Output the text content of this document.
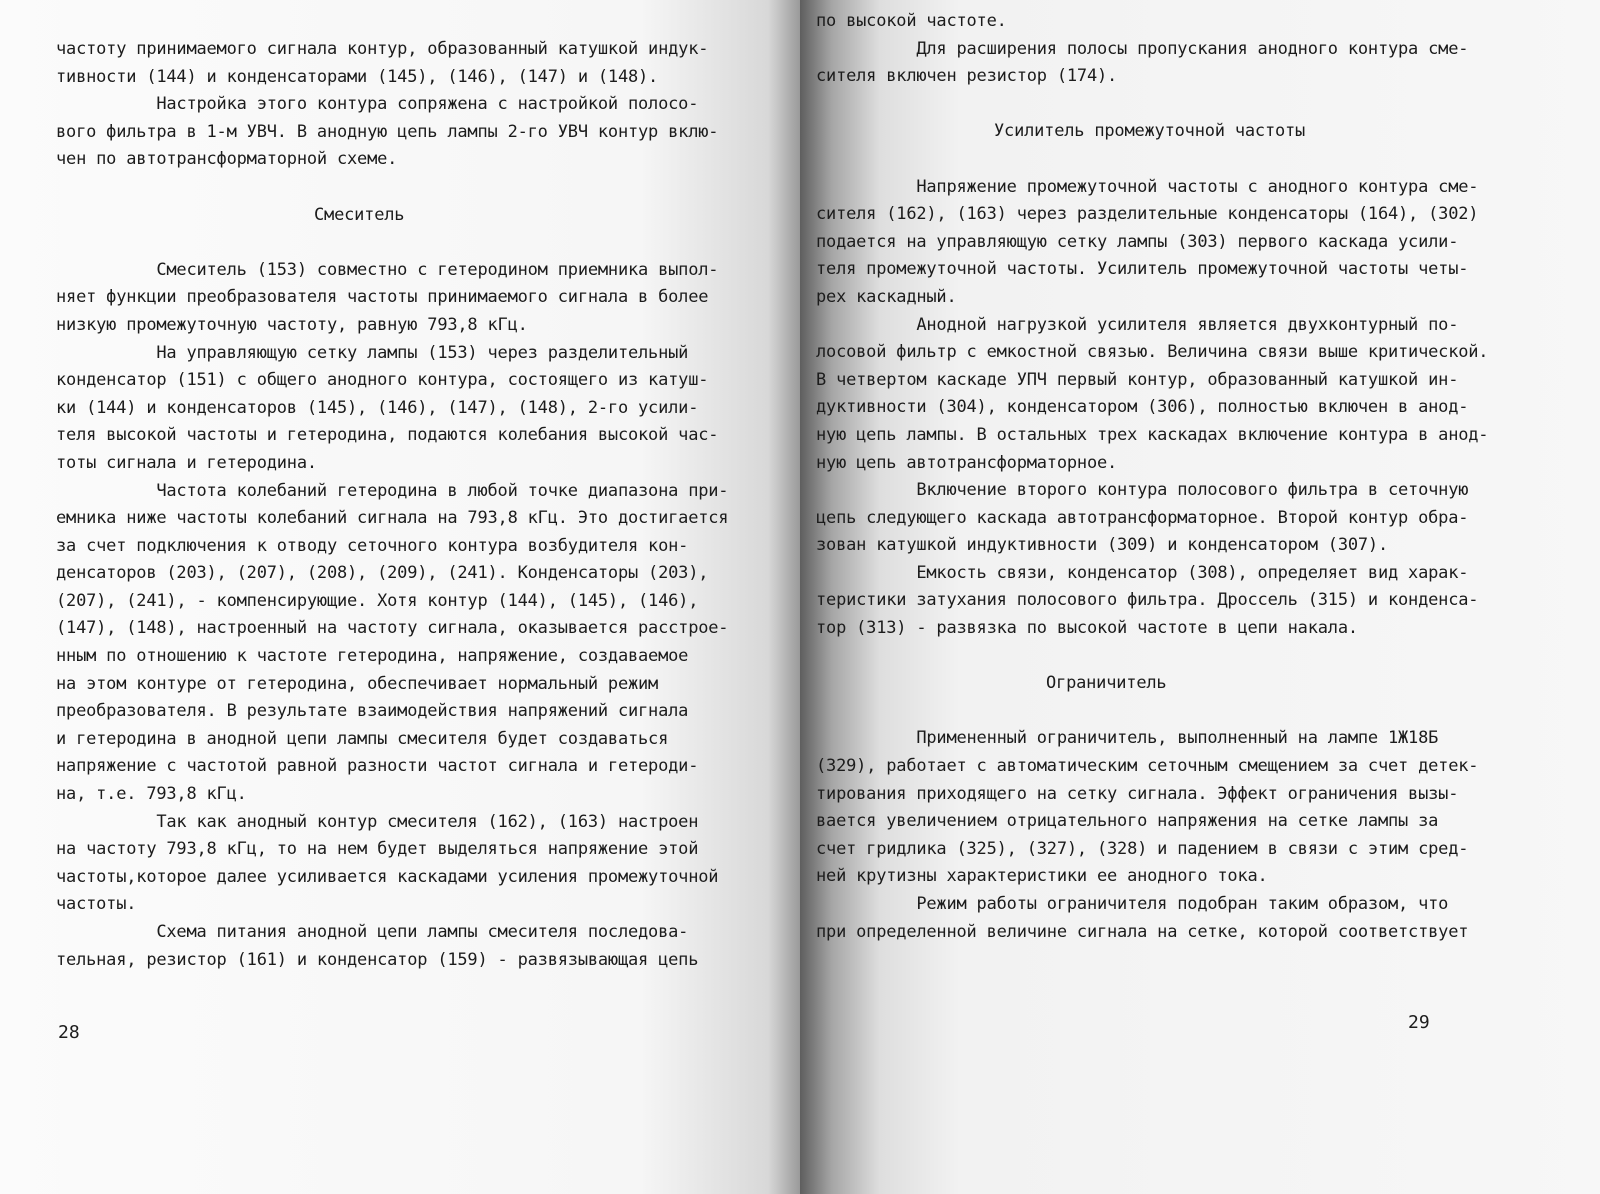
частоту принимаемого сигнала контур, образованный катушкой индук-
тивности (144) и конденсаторами (145), (146), (147) и (148).
Настройка этого контура сопряжена с настройкой полосо-
вого фильтра в 1-м УВЧ. В анодную цепь лампы 2-го УВЧ контур вклю-
чен по автотрансформаторной схеме.
Смеситель
Смеситель (153) совместно с гетеродином приемника выпол-
няет функции преобразователя частоты принимаемого сигнала в более
низкую промежуточную частоту, равную 793,8 кГц.
На управляющую сетку лампы (153) через разделительный
конденсатор (151) с общего анодного контура, состоящего из катуш-
ки (144) и конденсаторов (145), (146), (147), (148), 2-го усили-
теля высокой частоты и гетеродина, подаются колебания высокой час-
тоты сигнала и гетеродина.
Частота колебаний гетеродина в любой точке диапазона при-
емника ниже частоты колебаний сигнала на 793,8 кГц. Это достигается
за счет подключения к отводу сеточного контура возбудителя кон-
денсаторов (203), (207), (208), (209), (241). Конденсаторы (203),
(207), (241), - компенсирующие. Хотя контур (144), (145), (146),
(147), (148), настроенный на частоту сигнала, оказывается расстрое-
нным по отношению к частоте гетеродина, напряжение, создаваемое
на этом контуре от гетеродина, обеспечивает нормальный режим
преобразователя. В результате взаимодействия напряжений сигнала
и гетеродина в анодной цепи лампы смесителя будет создаваться
напряжение с частотой равной разности частот сигнала и гетероди-
на, т.е. 793,8 кГц.
Так как анодный контур смесителя (162), (163) настроен
на частоту 793,8 кГц, то на нем будет выделяться напряжение этой
частоты,которое далее усиливается каскадами усиления промежуточной
частоты.
Схема питания анодной цепи лампы смесителя последова-
тельная, резистор (161) и конденсатор (159) - развязывающая цепь
28
по высокой частоте.
Для расширения полосы пропускания анодного контура сме-
сителя включен резистор (174).
Усилитель промежуточной частоты
Напряжение промежуточной частоты с анодного контура сме-
сителя (162), (163) через разделительные конденсаторы (164), (302)
подается на управляющую сетку лампы (303) первого каскада усили-
теля промежуточной частоты. Усилитель промежуточной частоты четы-
рех каскадный.
Анодной нагрузкой усилителя является двухконтурный по-
лосовой фильтр с емкостной связью. Величина связи выше критической.
В четвертом каскаде УПЧ первый контур, образованный катушкой ин-
дуктивности (304), конденсатором (306), полностью включен в анод-
ную цепь лампы. В остальных трех каскадах включение контура в анод-
ную цепь автотрансформаторное.
Включение второго контура полосового фильтра в сеточную
цепь следующего каскада автотрансформаторное. Второй контур обра-
зован катушкой индуктивности (309) и конденсатором (307).
Емкость связи, конденсатор (308), определяет вид харак-
теристики затухания полосового фильтра. Дроссель (315) и конденса-
тор (313) - развязка по высокой частоте в цепи накала.
Ограничитель
Примененный ограничитель, выполненный на лампе 1Ж18Б
(329), работает с автоматическим сеточным смещением за счет детек-
тирования приходящего на сетку сигнала. Эффект ограничения вызы-
вается увеличением отрицательного напряжения на сетке лампы за
счет гридлика (325), (327), (328) и падением в связи с этим сред-
ней крутизны характеристики ее анодного тока.
Режим работы ограничителя подобран таким образом, что
при определенной величине сигнала на сетке, которой соответствует
29
